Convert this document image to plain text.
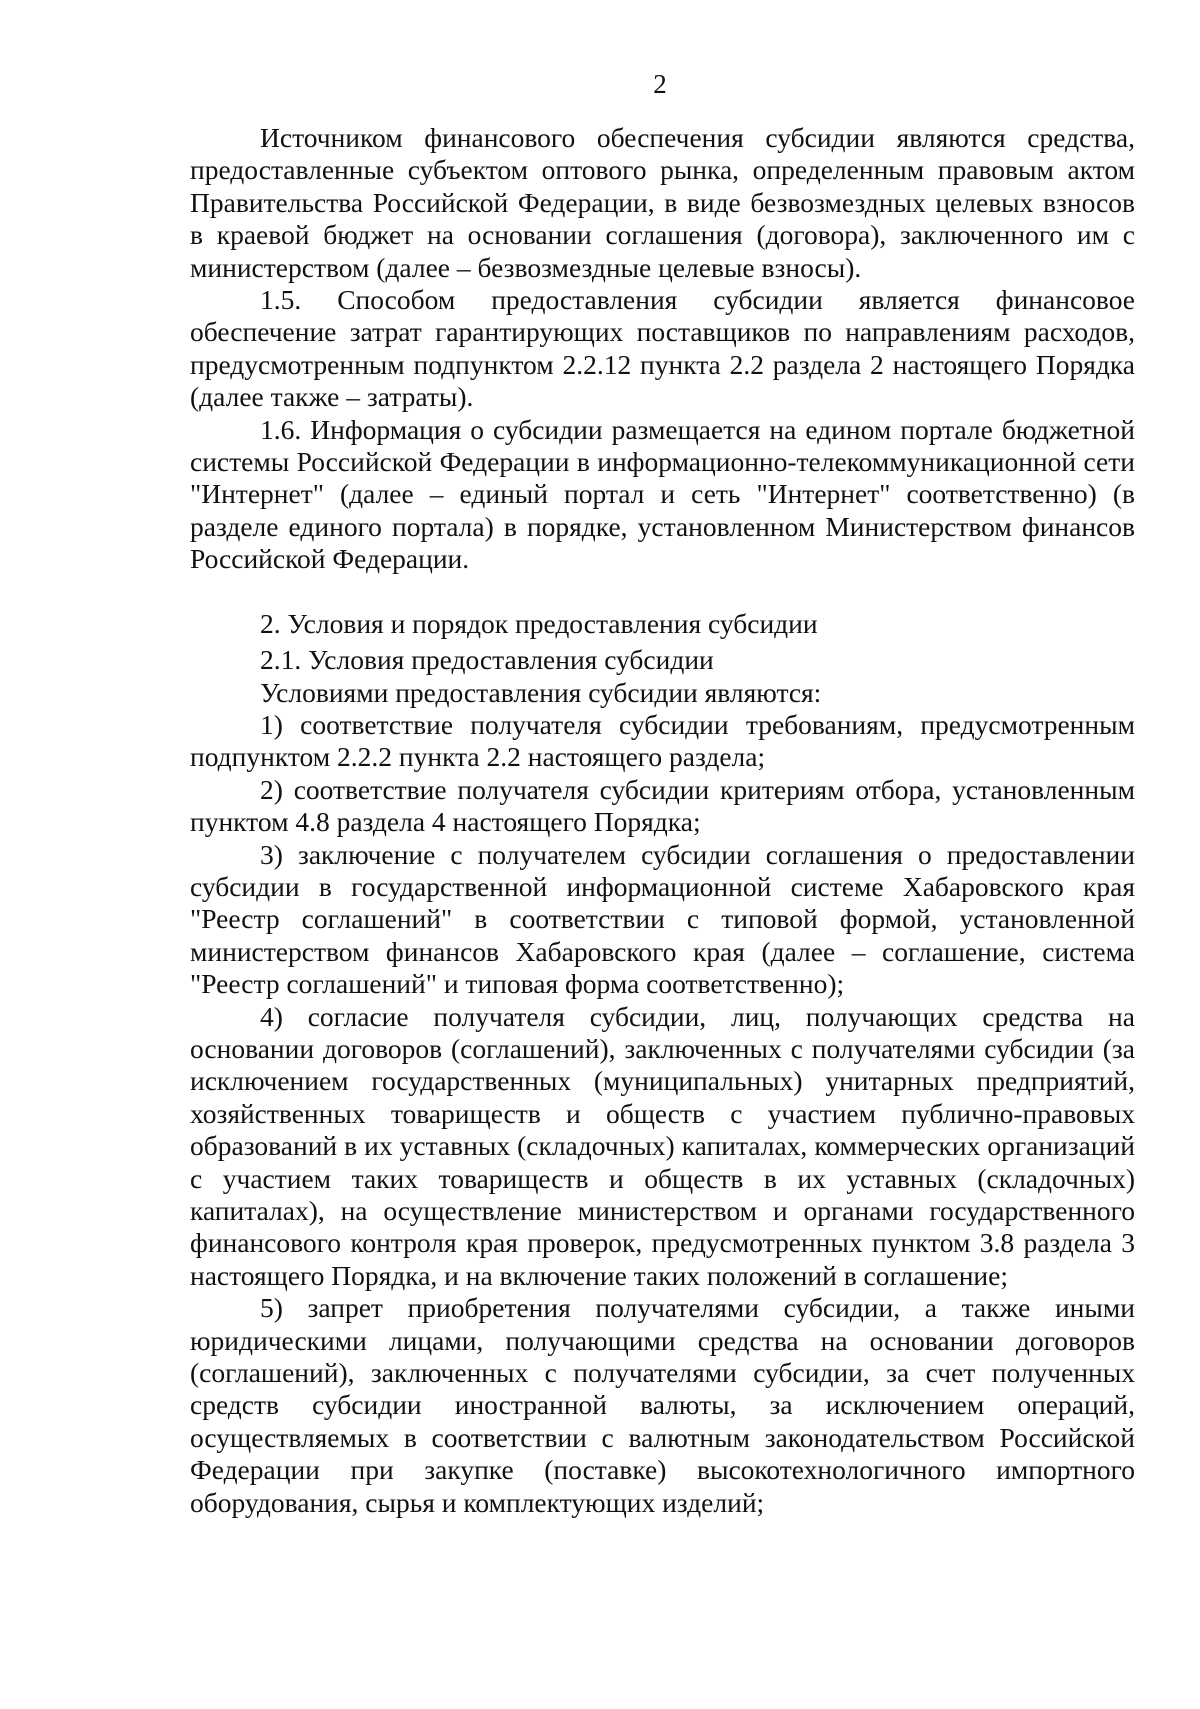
2

Источником финансового обеспечения субсидии являются средства, предоставленные субъектом оптового рынка, определенным правовым актом Правительства Российской Федерации, в виде безвозмездных целевых взносов в краевой бюджет на основании соглашения (договора), заключенного им с министерством (далее – безвозмездные целевые взносы).

1.5. Способом предоставления субсидии является финансовое обеспечение затрат гарантирующих поставщиков по направлениям расходов, предусмотренным подпунктом 2.2.12 пункта 2.2 раздела 2 настоящего Порядка (далее также – затраты).

1.6. Информация о субсидии размещается на едином портале бюджетной системы Российской Федерации в информационно-телекоммуникационной сети "Интернет" (далее – единый портал и сеть "Интернет" соответственно) (в разделе единого портала) в порядке, установленном Министерством финансов Российской Федерации.

2. Условия и порядок предоставления субсидии

2.1. Условия предоставления субсидии

Условиями предоставления субсидии являются:

1) соответствие получателя субсидии требованиям, предусмотренным подпунктом 2.2.2 пункта 2.2 настоящего раздела;

2) соответствие получателя субсидии критериям отбора, установленным пунктом 4.8 раздела 4 настоящего Порядка;

3) заключение с получателем субсидии соглашения о предоставлении субсидии в государственной информационной системе Хабаровского края "Реестр соглашений" в соответствии с типовой формой, установленной министерством финансов Хабаровского края (далее – соглашение, система "Реестр соглашений" и типовая форма соответственно);

4) согласие получателя субсидии, лиц, получающих средства на основании договоров (соглашений), заключенных с получателями субсидии (за исключением государственных (муниципальных) унитарных предприятий, хозяйственных товариществ и обществ с участием публично-правовых образований в их уставных (складочных) капиталах, коммерческих организаций с участием таких товариществ и обществ в их уставных (складочных) капиталах), на осуществление министерством и органами государственного финансового контроля края проверок, предусмотренных пунктом 3.8 раздела 3 настоящего Порядка, и на включение таких положений в соглашение;

5) запрет приобретения получателями субсидии, а также иными юридическими лицами, получающими средства на основании договоров (соглашений), заключенных с получателями субсидии, за счет полученных средств субсидии иностранной валюты, за исключением операций, осуществляемых в соответствии с валютным законодательством Российской Федерации при закупке (поставке) высокотехнологичного импортного оборудования, сырья и комплектующих изделий;
